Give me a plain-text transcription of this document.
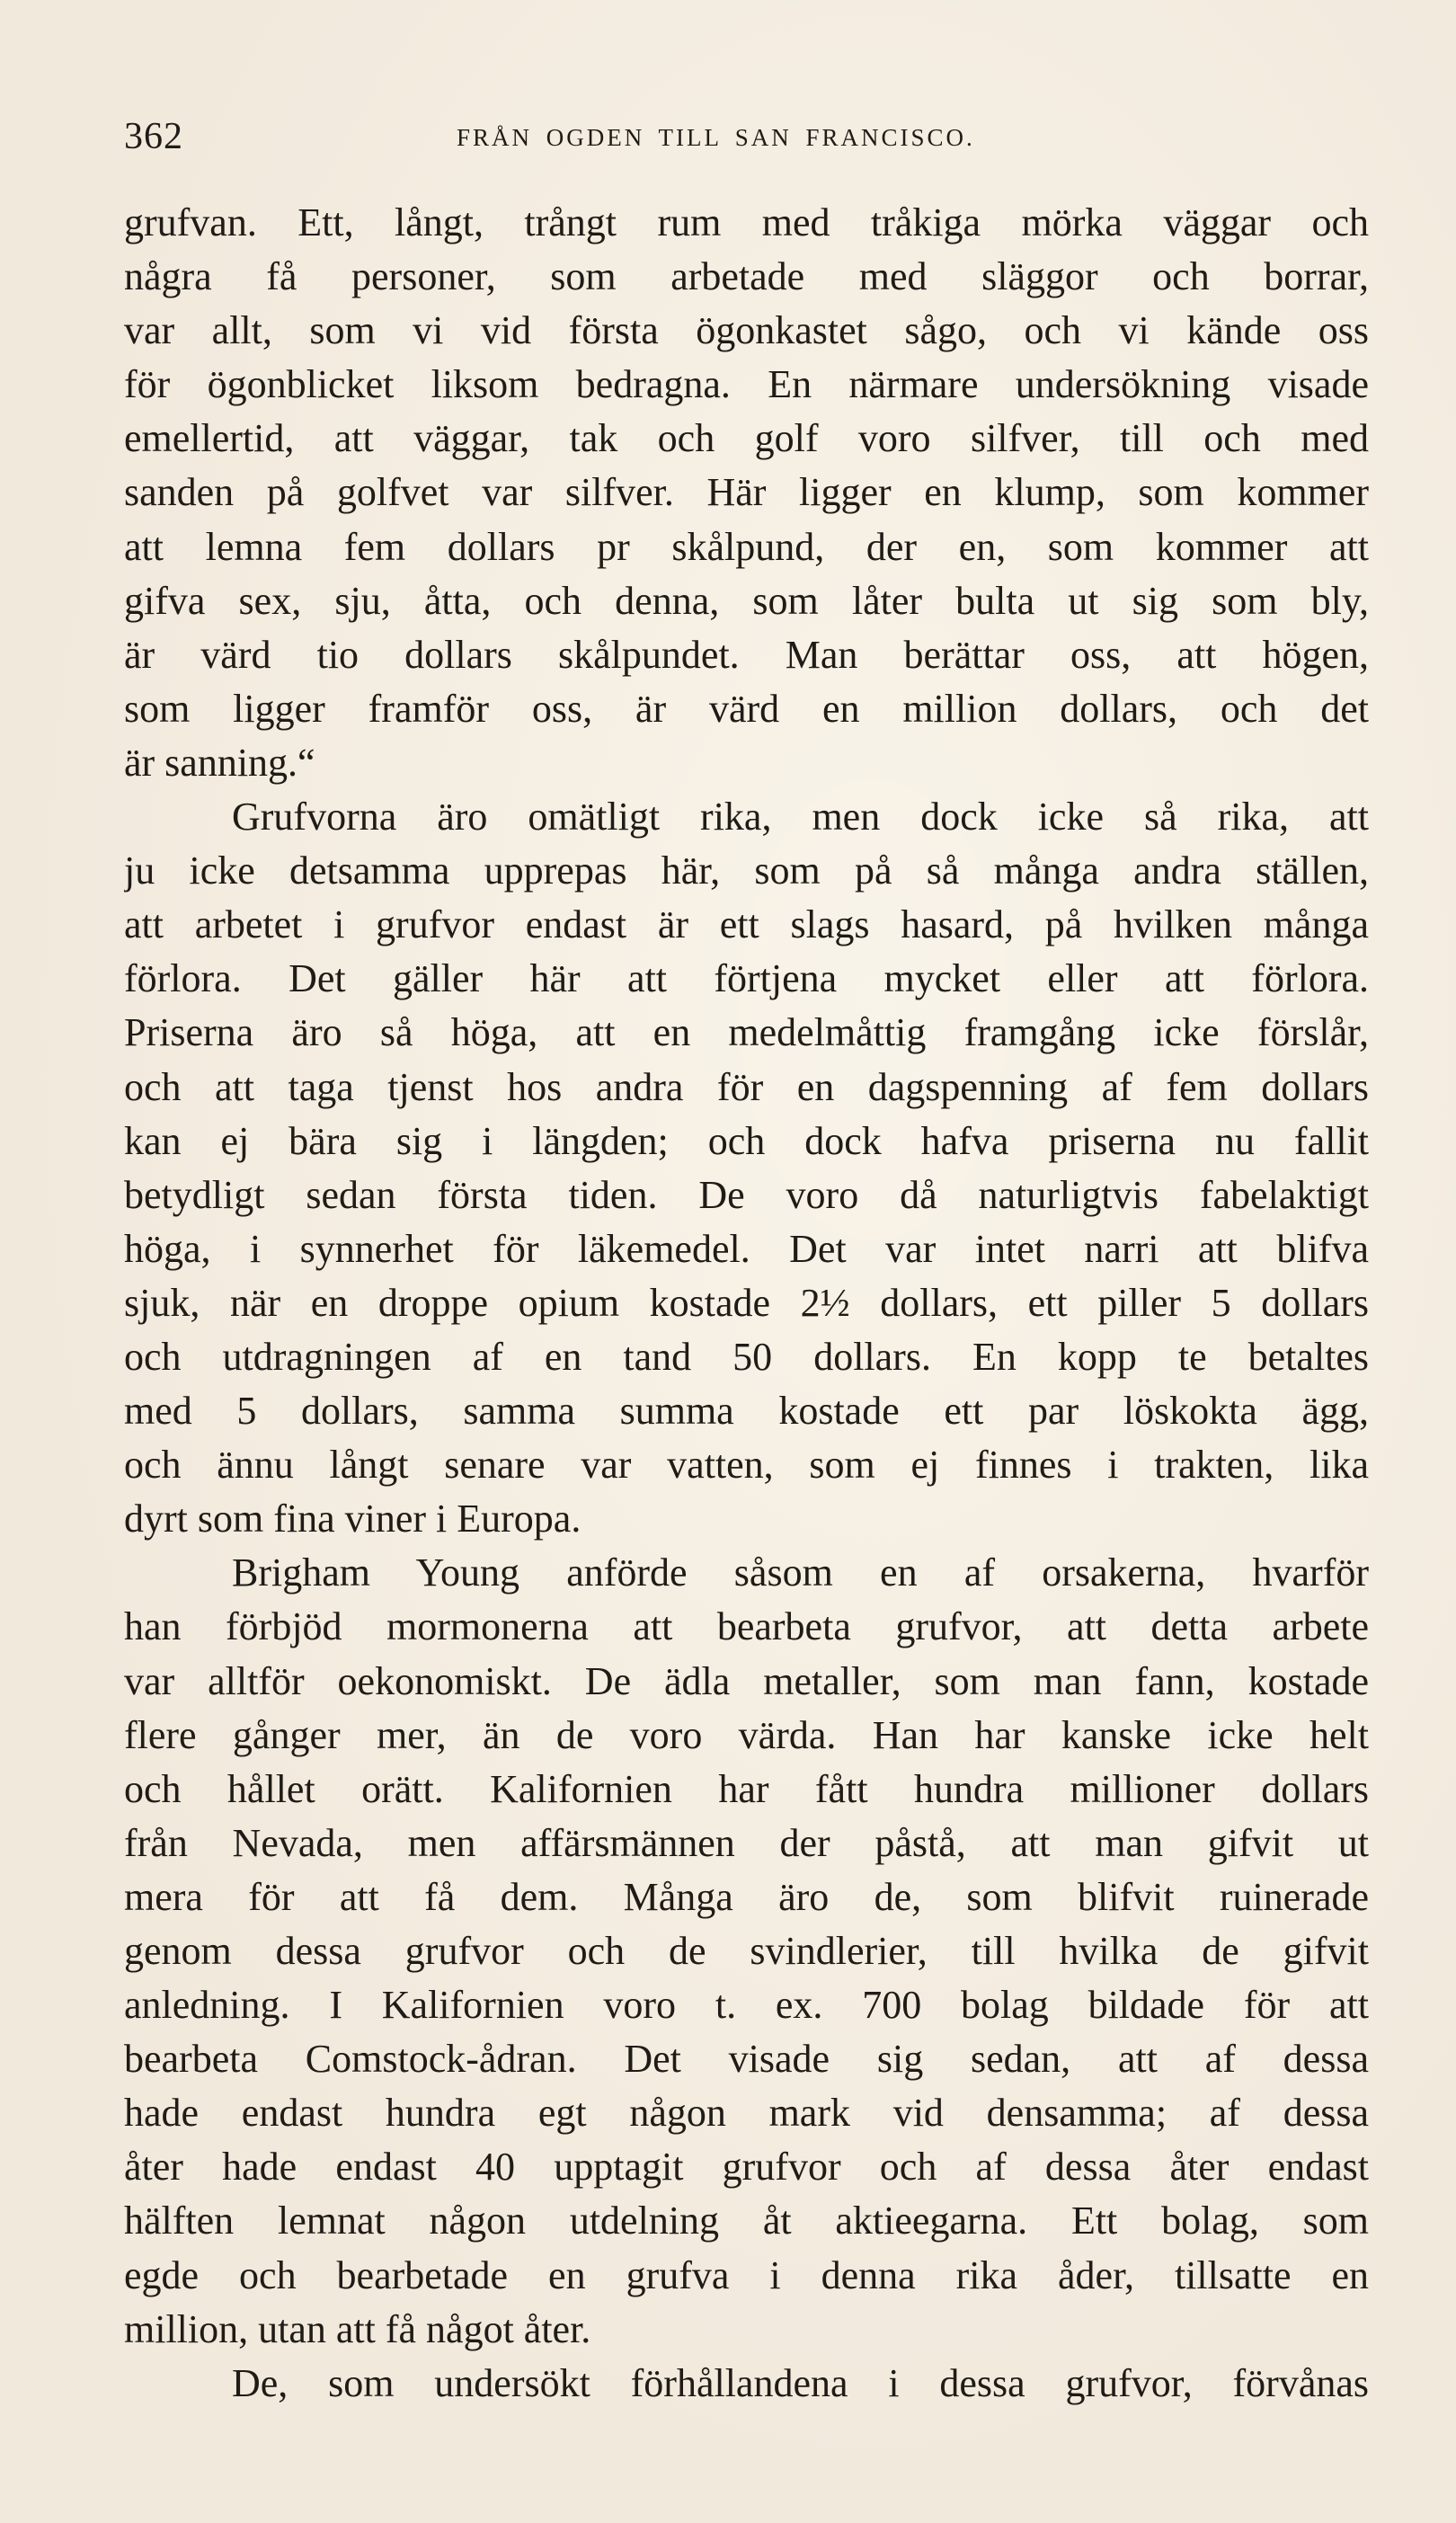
362	FRÅN OGDEN TILL SAN FRANCISCO.
grufvan. Ett, långt, trångt rum med tråkiga mörka väggar och
några få personer, som arbetade med släggor och borrar,
var allt, som vi vid första ögonkastet sågo, och vi kände oss
för ögonblicket liksom bedragna. En närmare undersökning visade
emellertid, att väggar, tak och golf voro silfver, till och med
sanden på golfvet var silfver. Här ligger en klump, som kommer
att lemna fem dollars pr skålpund, der en, som kommer att
gifva sex, sju, åtta, och denna, som låter bulta ut sig som bly,
är värd tio dollars skålpundet. Man berättar oss, att högen,
som ligger framför oss, är värd en million dollars, och det
är sanning.“
Grufvorna äro omätligt rika, men dock icke så rika, att
ju icke detsamma upprepas här, som på så många andra ställen,
att arbetet i grufvor endast är ett slags hasard, på hvilken många
förlora. Det gäller här att förtjena mycket eller att förlora.
Priserna äro så höga, att en medelmåttig framgång icke förslår,
och att taga tjenst hos andra för en dagspenning af fem dollars
kan ej bära sig i längden; och dock hafva priserna nu fallit
betydligt sedan första tiden. De voro då naturligtvis fabelaktigt
höga, i synnerhet för läkemedel. Det var intet narri att blifva
sjuk, när en droppe opium kostade 2½ dollars, ett piller 5 dollars
och utdragningen af en tand 50 dollars. En kopp te betaltes
med 5 dollars, samma summa kostade ett par löskokta ägg,
och ännu långt senare var vatten, som ej finnes i trakten, lika
dyrt som fina viner i Europa.
Brigham Young anförde såsom en af orsakerna, hvarför
han förbjöd mormonerna att bearbeta grufvor, att detta arbete
var alltför oekonomiskt. De ädla metaller, som man fann, kostade
flere gånger mer, än de voro värda. Han har kanske icke helt
och hållet orätt. Kalifornien har fått hundra millioner dollars
från Nevada, men affärsmännen der påstå, att man gifvit ut
mera för att få dem. Många äro de, som blifvit ruinerade
genom dessa grufvor och de svindlerier, till hvilka de gifvit
anledning. I Kalifornien voro t. ex. 700 bolag bildade för att
bearbeta Comstock-ådran. Det visade sig sedan, att af dessa
hade endast hundra egt någon mark vid densamma; af dessa
åter hade endast 40 upptagit grufvor och af dessa åter endast
hälften lemnat någon utdelning åt aktieegarna. Ett bolag, som
egde och bearbetade en grufva i denna rika åder, tillsatte en
million, utan att få något åter.
De, som undersökt förhållandena i dessa grufvor, förvånas
